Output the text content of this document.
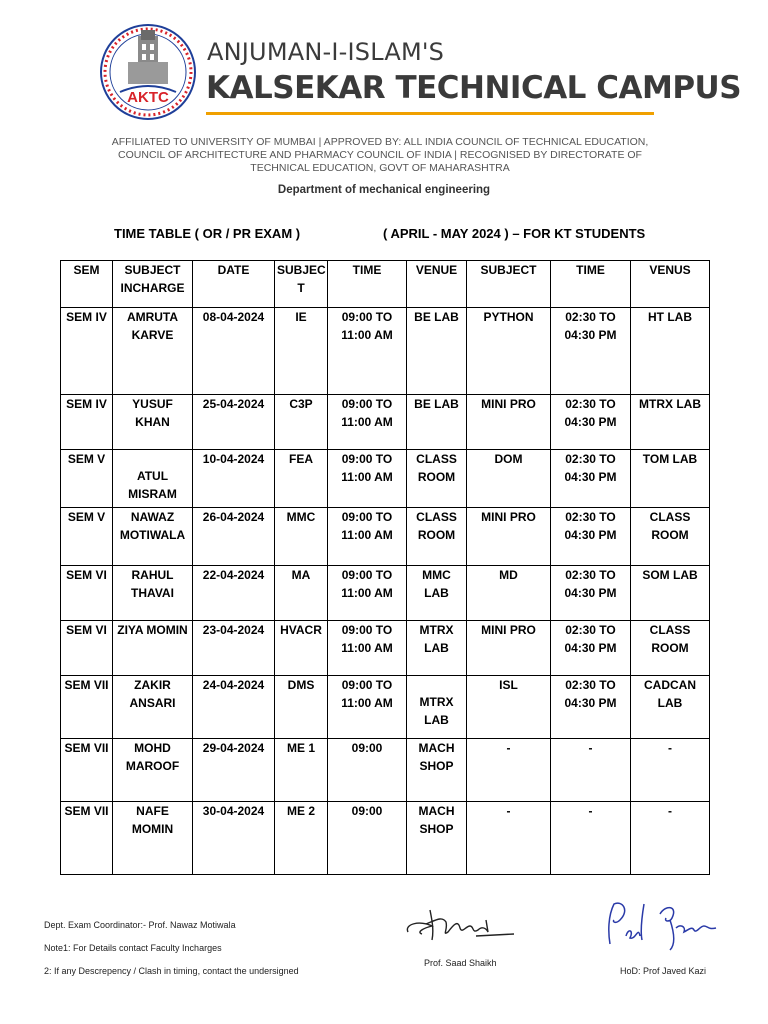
AKTC
ANJUMAN-I-ISLAM'S
KALSEKAR TECHNICAL CAMPUS
AFFILIATED TO UNIVERSITY OF MUMBAI | APPROVED BY: ALL INDIA COUNCIL OF TECHNICAL EDUCATION, COUNCIL OF ARCHITECTURE AND PHARMACY COUNCIL OF INDIA | RECOGNISED BY DIRECTORATE OF TECHNICAL EDUCATION, GOVT OF MAHARASHTRA
Department of mechanical engineering
TIME TABLE ( OR / PR EXAM )	( APRIL - MAY 2024 ) – FOR KT STUDENTS
SEM	SUBJECT INCHARGE	DATE	SUBJEC T	TIME	VENUE	SUBJECT	TIME	VENUS
SEM IV	AMRUTA KARVE	08-04-2024	IE	09:00 TO 11:00 AM	BE LAB	PYTHON	02:30 TO 04:30 PM	HT LAB
SEM IV	YUSUF KHAN	25-04-2024	C3P	09:00 TO 11:00 AM	BE LAB	MINI PRO	02:30 TO 04:30 PM	MTRX LAB
SEM V	ATUL MISRAM	10-04-2024	FEA	09:00 TO 11:00 AM	CLASS ROOM	DOM	02:30 TO 04:30 PM	TOM LAB
SEM V	NAWAZ MOTIWALA	26-04-2024	MMC	09:00 TO 11:00 AM	CLASS ROOM	MINI PRO	02:30 TO 04:30 PM	CLASS ROOM
SEM VI	RAHUL THAVAI	22-04-2024	MA	09:00 TO 11:00 AM	MMC LAB	MD	02:30 TO 04:30 PM	SOM LAB
SEM VI	ZIYA MOMIN	23-04-2024	HVACR	09:00 TO 11:00 AM	MTRX LAB	MINI PRO	02:30 TO 04:30 PM	CLASS ROOM
SEM VII	ZAKIR ANSARI	24-04-2024	DMS	09:00 TO 11:00 AM	MTRX LAB	ISL	02:30 TO 04:30 PM	CADCAN LAB
SEM VII	MOHD MAROOF	29-04-2024	ME 1	09:00	MACH SHOP	-	-	-
SEM VII	NAFE MOMIN	30-04-2024	ME 2	09:00	MACH SHOP	-	-	-
Dept. Exam Coordinator:- Prof. Nawaz Motiwala
Note1: For Details contact Faculty Incharges
2: If any Descrepency / Clash in timing, contact the undersigned
Prof. Saad Shaikh
HoD: Prof Javed Kazi
